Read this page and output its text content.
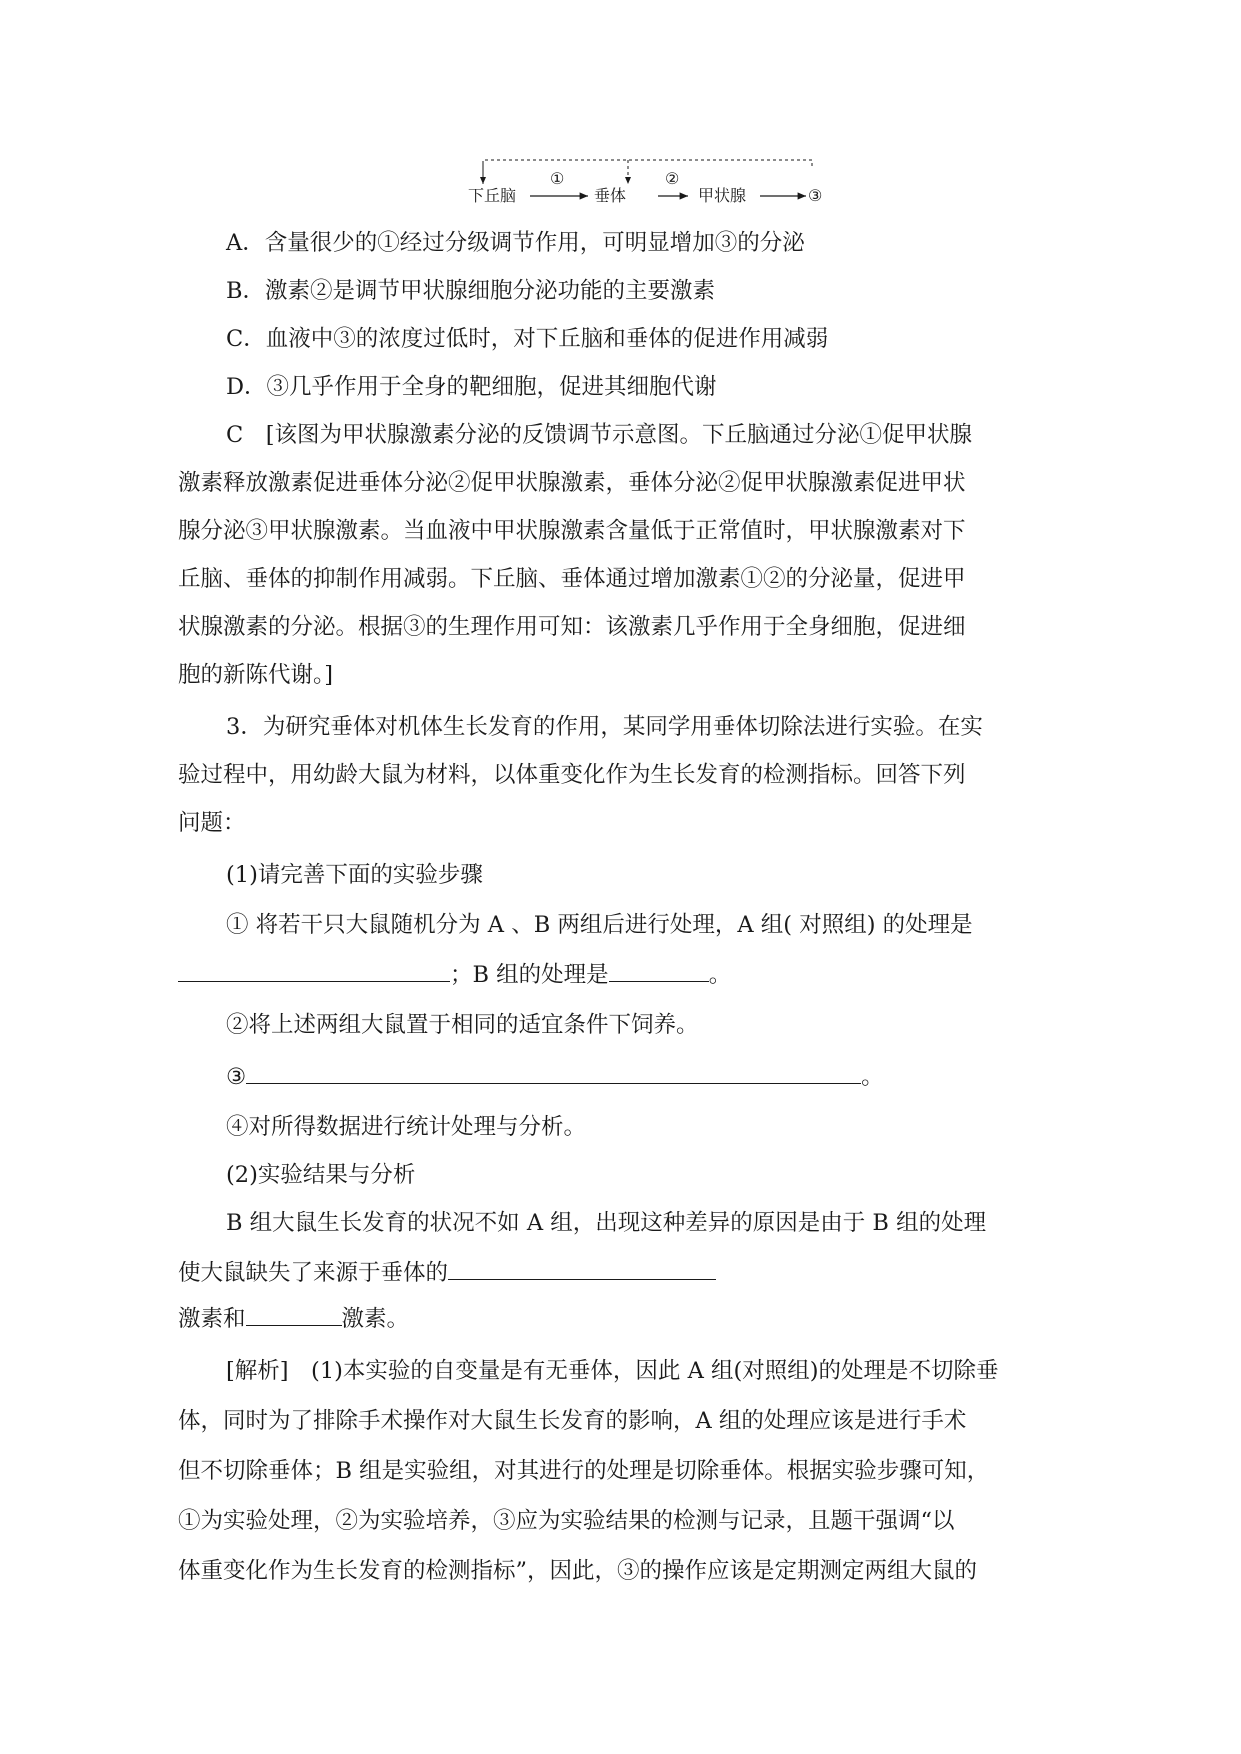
下丘脑	垂体	甲状腺
①	②
③
A．含量很少的①经过分级调节作用，可明显增加③的分泌
B．激素②是调节甲状腺细胞分泌功能的主要激素
C．血液中③的浓度过低时，对下丘脑和垂体的促进作用减弱
D．③几乎作用于全身的靶细胞，促进其细胞代谢
C　[该图为甲状腺激素分泌的反馈调节示意图。下丘脑通过分泌①促甲状腺
激素释放激素促进垂体分泌②促甲状腺激素，垂体分泌②促甲状腺激素促进甲状
腺分泌③甲状腺激素。当血液中甲状腺激素含量低于正常值时，甲状腺激素对下
丘脑、垂体的抑制作用减弱。下丘脑、垂体通过增加激素①②的分泌量，促进甲
状腺激素的分泌。根据③的生理作用可知：该激素几乎作用于全身细胞，促进细
胞的新陈代谢。]
3．为研究垂体对机体生长发育的作用，某同学用垂体切除法进行实验。在实
验过程中，用幼龄大鼠为材料，以体重变化作为生长发育的检测指标。回答下列
问题：
(1)请完善下面的实验步骤
① 将若干只大鼠随机分为 A 、B 两组后进行处理，A 组( 对照组) 的处理是
；B 组的处理是	。
②将上述两组大鼠置于相同的适宜条件下饲养。
③	。
④对所得数据进行统计处理与分析。
(2)实验结果与分析
B 组大鼠生长发育的状况不如 A 组，出现这种差异的原因是由于 B 组的处理
使大鼠缺失了来源于垂体的
激素和	激素。
[解析]　(1)本实验的自变量是有无垂体，因此 A 组(对照组)的处理是不切除垂
体，同时为了排除手术操作对大鼠生长发育的影响，A 组的处理应该是进行手术
但不切除垂体；B 组是实验组，对其进行的处理是切除垂体。根据实验步骤可知，
①为实验处理，②为实验培养，③应为实验结果的检测与记录，且题干强调“以
体重变化作为生长发育的检测指标”，因此，③的操作应该是定期测定两组大鼠的
